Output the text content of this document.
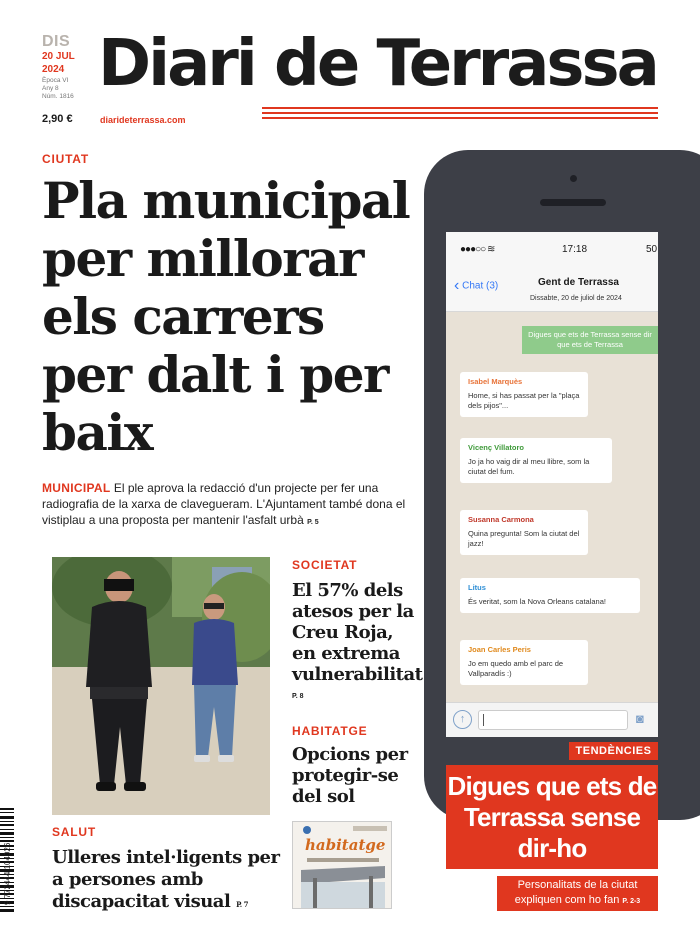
DIS
20 JUL
2024
Època VI
Any 8
Núm. 1816
2,90 €
Diari de Terrassa
diarideterrassa.com
CIUTAT
Pla municipal per millorar els carrers per dalt i per baix

MUNICIPAL El ple aprova la redacció d'un projecte per fer una radiografia de la xarxa de clavegueram. L'Ajuntament també dona el vistiplau a una proposta per mantenir l'asfalt urbà P. 5

SOCIETAT
El 57% dels atesos per la Creu Roja, en extrema vulnerabilitat
P. 8
HABITATGE
Opcions per protegir-se del sol
habitatge
SALUT
Ulleres intel·ligents per a persones amb discapacitat visual P. 7
9 772444 104026
●●●○○ ≋	17:18	50
‹ Chat (3)	Gent de Terrassa
Dissabte, 20 de juliol de 2024
Digues que ets de Terrassa sense dir que ets de Terrassa
Isabel Marquès
Home, si has passat per la "plaça dels pijos"...
Vicenç Villatoro
Jo ja ho vaig dir al meu llibre, som la ciutat del fum.
Susanna Carmona
Quina pregunta! Som la ciutat del jazz!
Litus
És veritat, som la Nova Orleans catalana!
Joan Carles Peris
Jo em quedo amb el parc de Vallparadís :)
↑	◙
TENDÈNCIES
Digues que ets de Terrassa sense dir-ho
Personalitats de la ciutat
expliquen com ho fan P. 2-3
